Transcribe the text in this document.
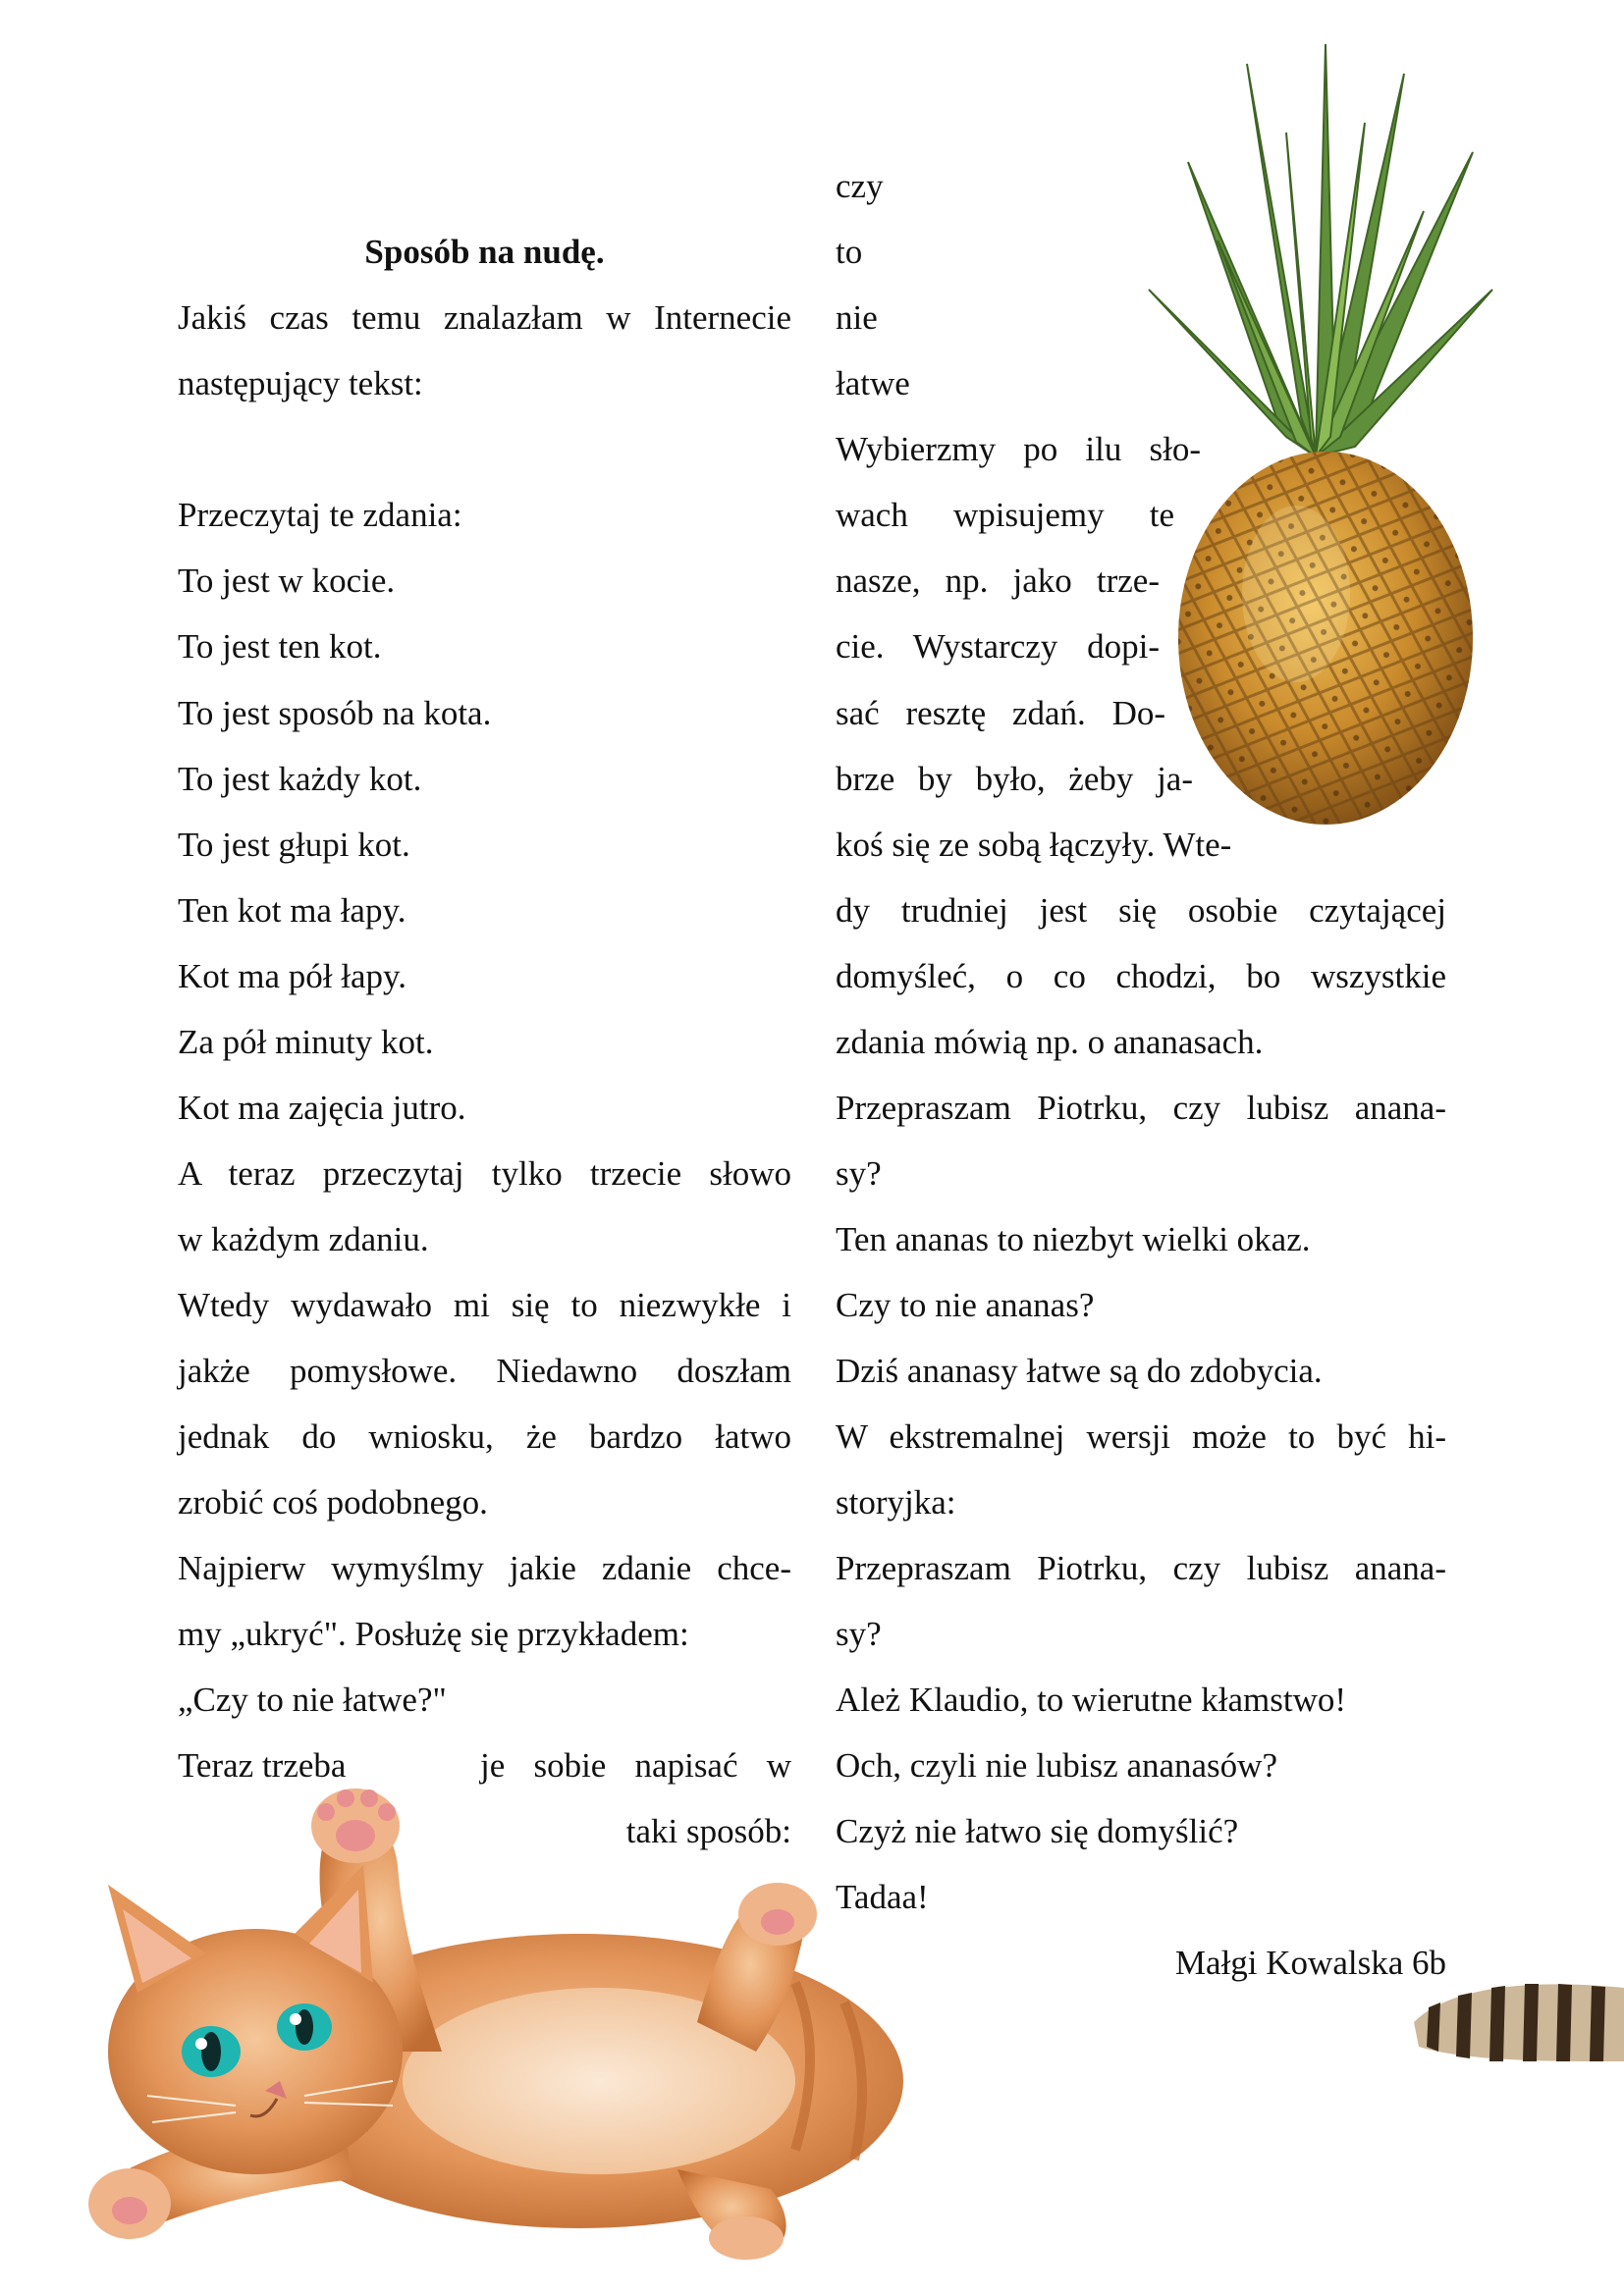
Sposób na nudę.

Jakiś czas temu znalazłam w Internecie

następujący tekst:

Przeczytaj te zdania:

To jest w kocie.

To jest ten kot.

To jest sposób na kota.

To jest każdy kot.

To jest głupi kot.

Ten kot ma łapy.

Kot ma pół łapy.

Za pół minuty kot.

Kot ma zajęcia jutro.

A teraz przeczytaj tylko trzecie słowo

w każdym zdaniu.

Wtedy wydawało mi się to niezwykłe i

jakże pomysłowe. Niedawno doszłam

jednak do wniosku, że bardzo łatwo

zrobić coś podobnego.

Najpierw wymyślmy jakie zdanie chce-

my „ukryć". Posłużę się przykładem:

„Czy to nie łatwe?"

Teraz trzeba	je sobie napisać w

taki sposób:

czy

to

nie

łatwe

Wybierzmy po ilu sło-

wach wpisujemy te

nasze, np. jako trze-

cie. Wystarczy dopi-

sać resztę zdań. Do-

brze by było, żeby ja-

koś się ze sobą łączyły. Wte-

dy trudniej jest się osobie czytającej

domyśleć, o co chodzi, bo wszystkie

zdania mówią np. o ananasach.

Przepraszam Piotrku, czy lubisz anana-

sy?

Ten ananas to niezbyt wielki okaz.

Czy to nie ananas?

Dziś ananasy łatwe są do zdobycia.

W ekstremalnej wersji może to być hi-

storyjka:

Przepraszam Piotrku, czy lubisz anana-

sy?

Ależ Klaudio, to wierutne kłamstwo!

Och, czyli nie lubisz ananasów?

Czyż nie łatwo się domyślić?

Tadaa!

Małgi Kowalska 6b
